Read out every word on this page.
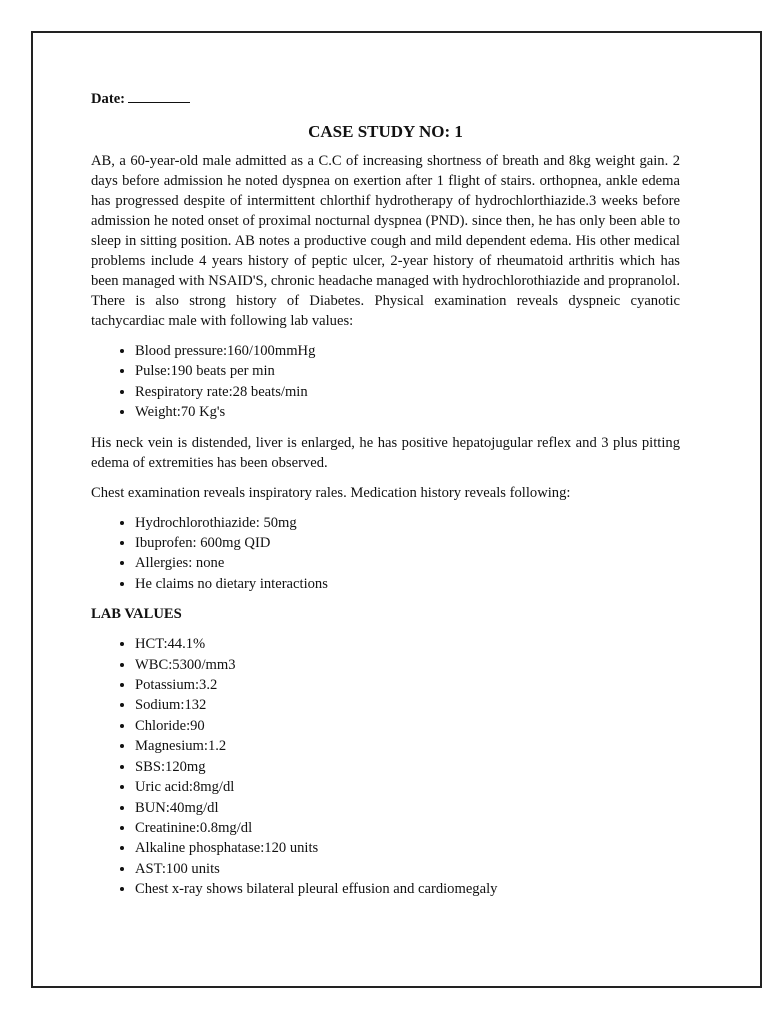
Date:
CASE STUDY NO: 1

AB, a 60-year-old male admitted as a C.C of increasing shortness of breath and 8kg weight gain. 2 days before admission he noted dyspnea on exertion after 1 flight of stairs. orthopnea, ankle edema has progressed despite of intermittent chlorthif hydrotherapy of hydrochlorthiazide.3 weeks before admission he noted onset of proximal nocturnal dyspnea (PND). since then, he has only been able to sleep in sitting position. AB notes a productive cough and mild dependent edema. His other medical problems include 4 years history of peptic ulcer, 2-year history of rheumatoid arthritis which has been managed with NSAID'S, chronic headache managed with hydrochlorothiazide and propranolol. There is also strong history of Diabetes. Physical examination reveals dyspneic cyanotic tachycardiac male with following lab values:

• Blood pressure:160/100mmHg
• Pulse:190 beats per min
• Respiratory rate:28 beats/min
• Weight:70 Kg's

His neck vein is distended, liver is enlarged, he has positive hepatojugular reflex and 3 plus pitting edema of extremities has been observed.

Chest examination reveals inspiratory rales. Medication history reveals following:

• Hydrochlorothiazide: 50mg
• Ibuprofen: 600mg QID
• Allergies: none
• He claims no dietary interactions
LAB VALUES
• HCT:44.1%
• WBC:5300/mm3
• Potassium:3.2
• Sodium:132
• Chloride:90
• Magnesium:1.2
• SBS:120mg
• Uric acid:8mg/dl
• BUN:40mg/dl
• Creatinine:0.8mg/dl
• Alkaline phosphatase:120 units
• AST:100 units
• Chest x-ray shows bilateral pleural effusion and cardiomegaly
